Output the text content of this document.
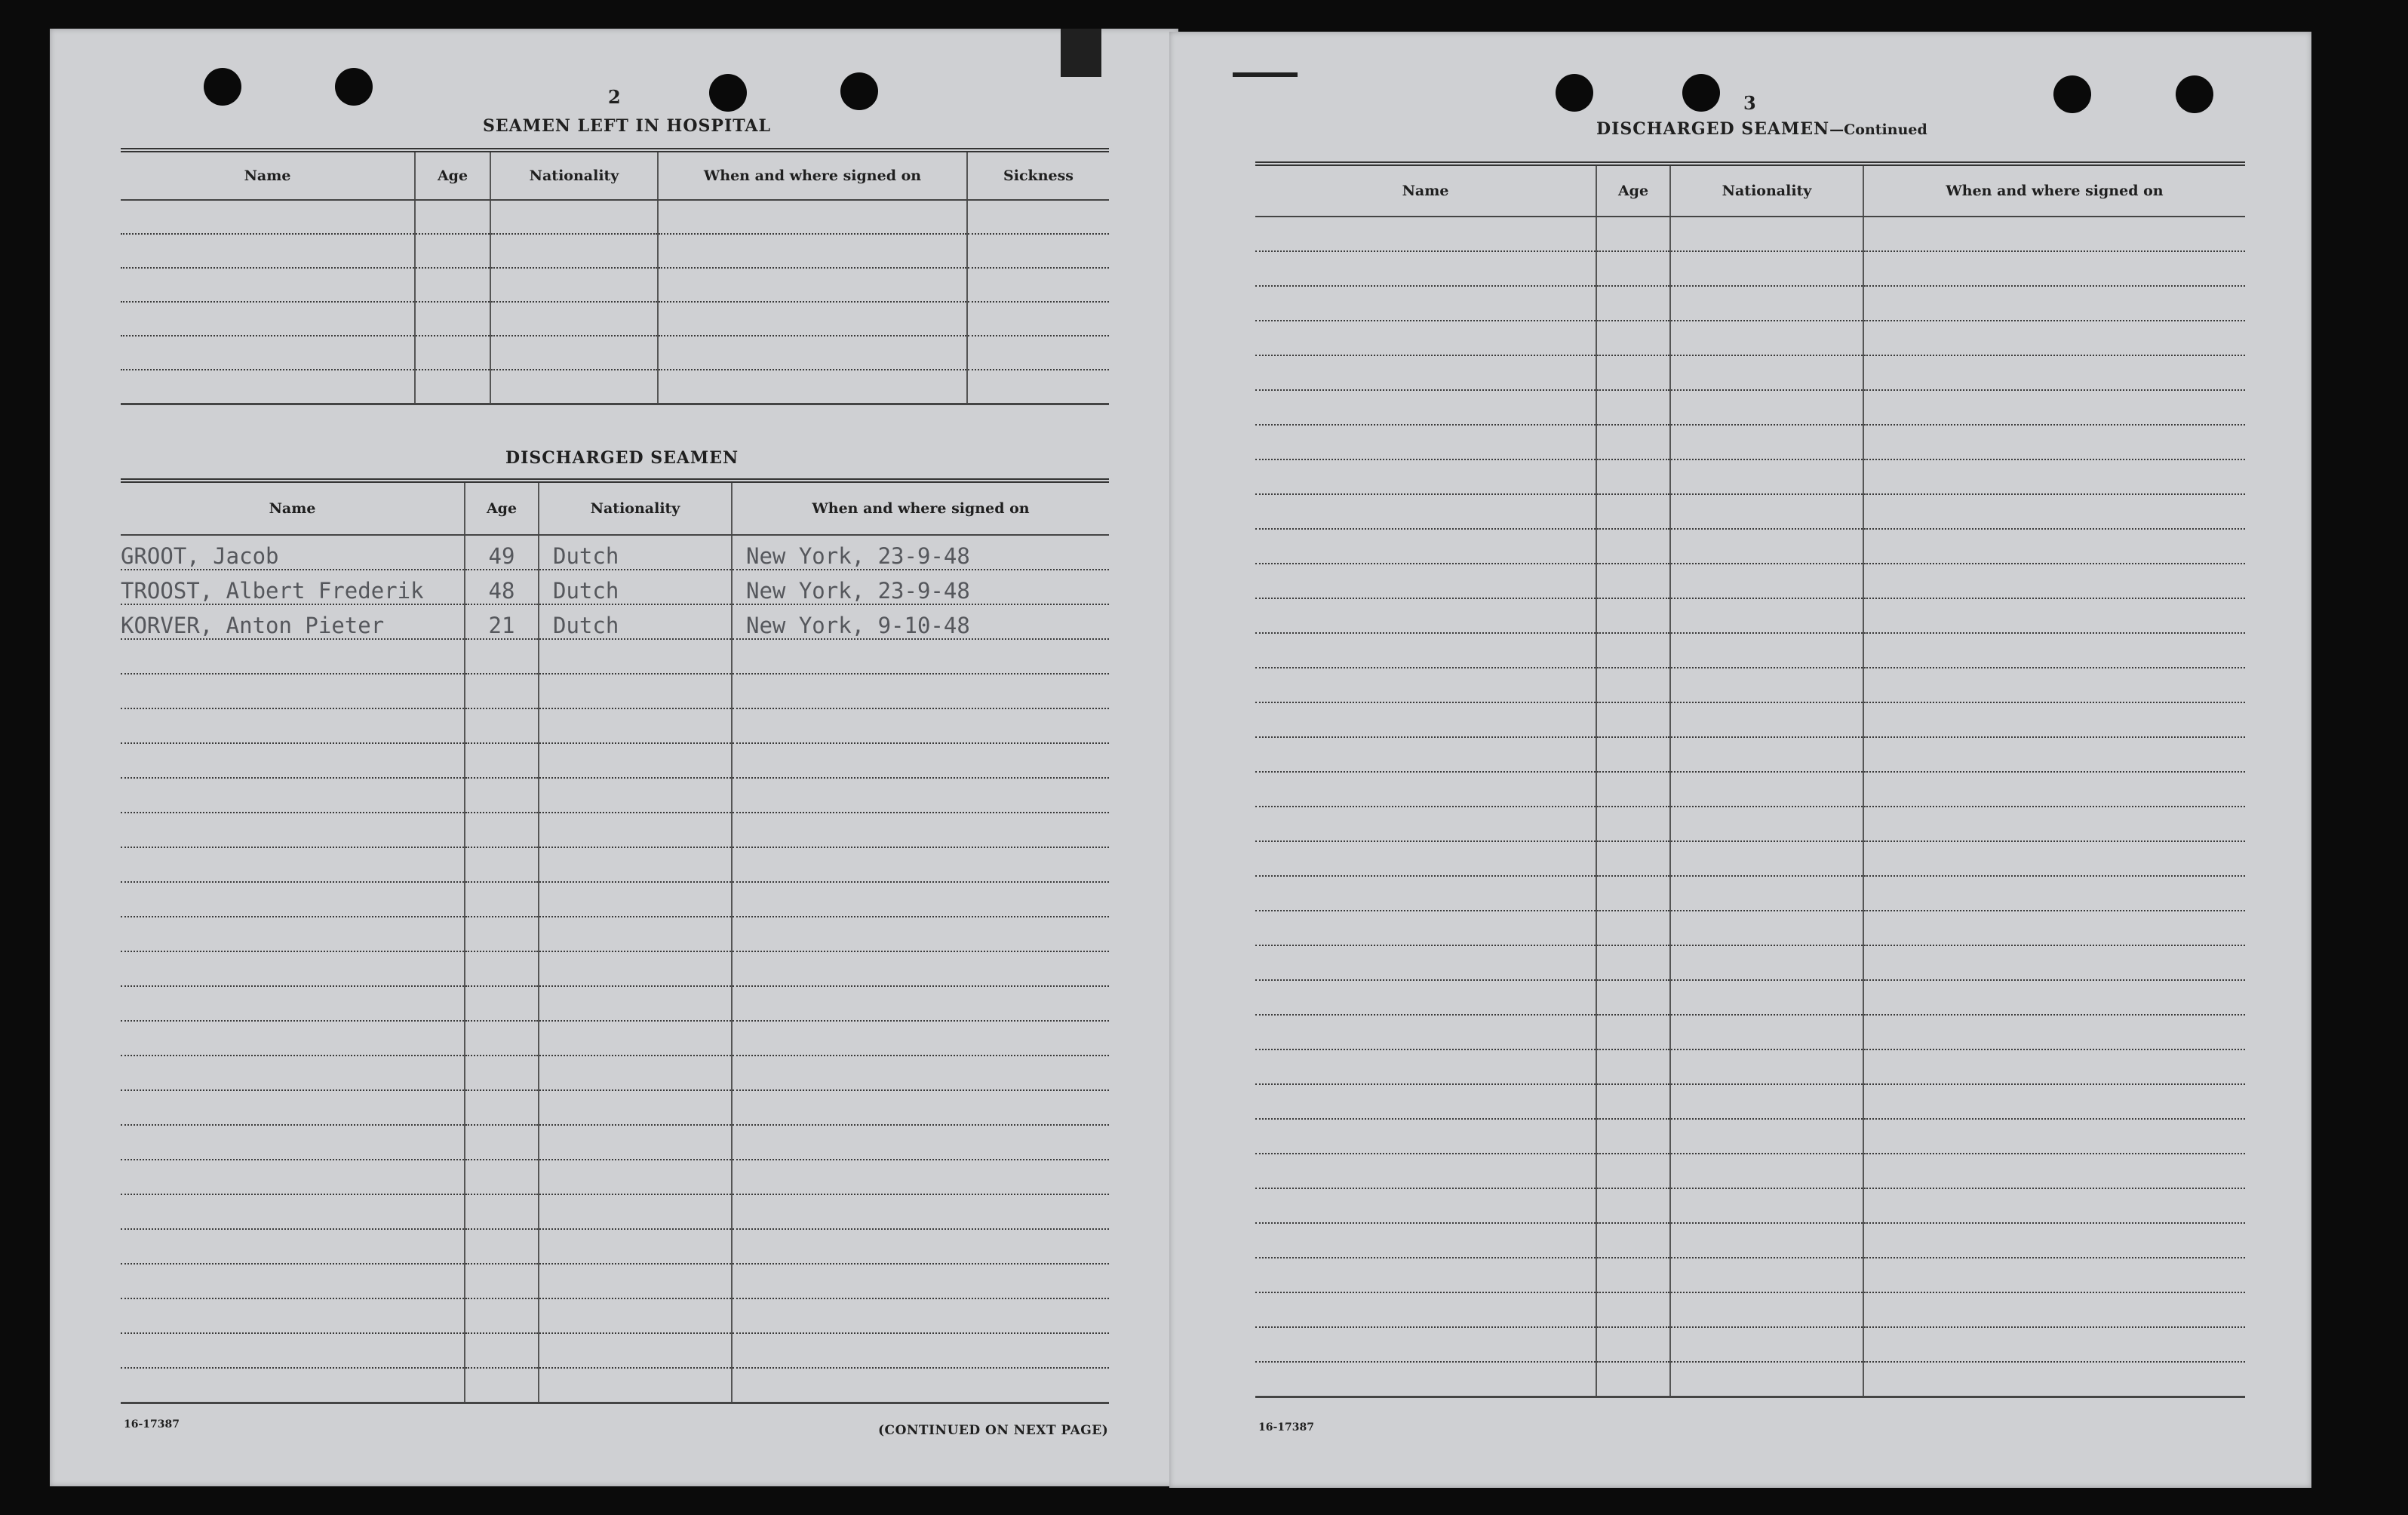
2
SEAMEN LEFT IN HOSPITAL
Name	Age	Nationality	When and where signed on	Sickness

DISCHARGED SEAMEN
Name	Age	Nationality	When and where signed on
GROOT, Jacob	49	Dutch	New York, 23-9-48
TROOST, Albert Frederik	48	Dutch	New York, 23-9-48
KORVER, Anton Pieter	21	Dutch	New York, 9-10-48

16-17387	(CONTINUED ON NEXT PAGE)
3
DISCHARGED SEAMEN—Continued
Name	Age	Nationality	When and where signed on

16-17387
